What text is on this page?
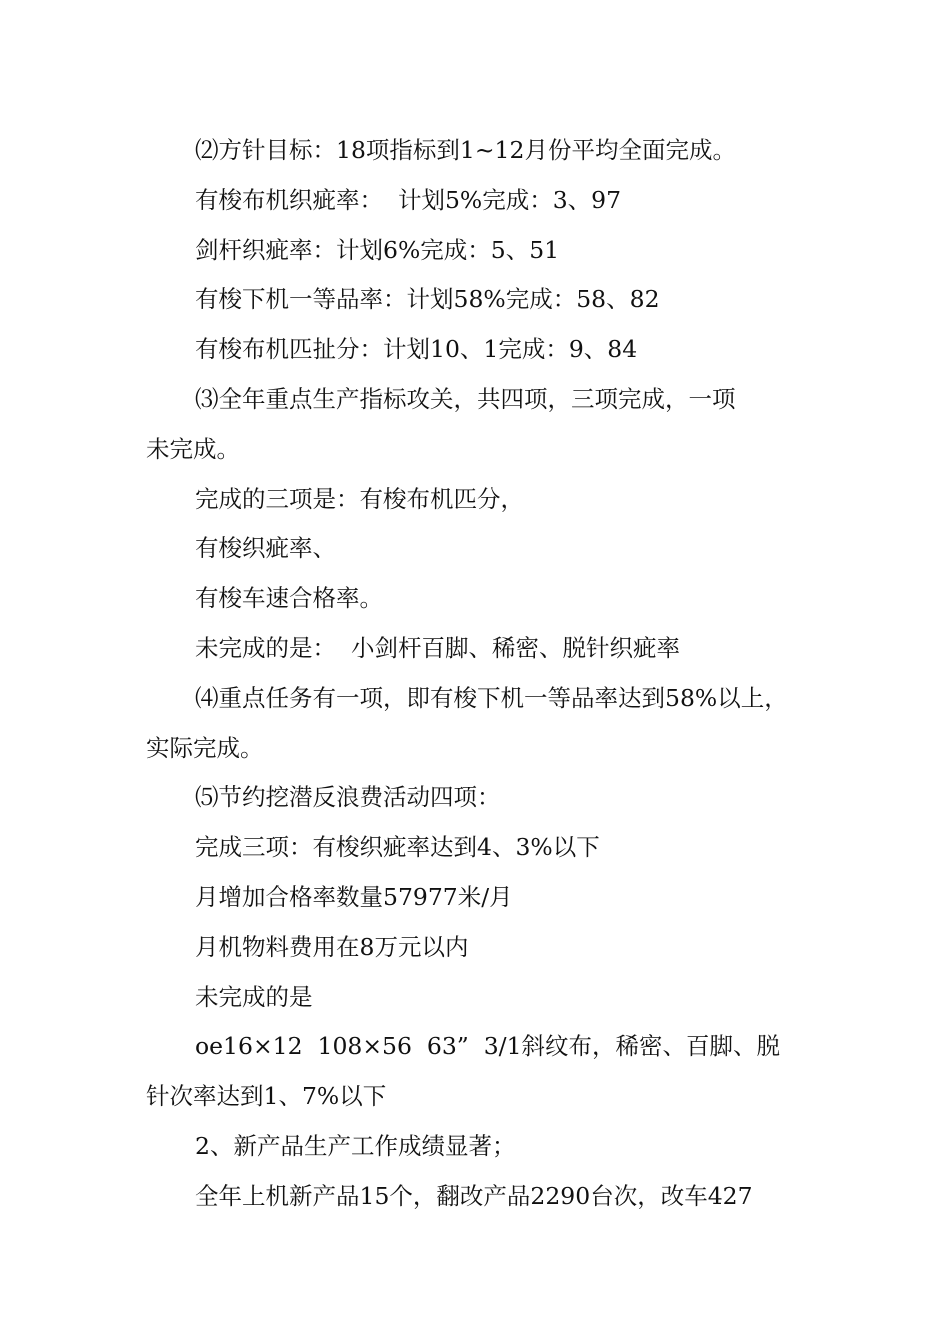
⑵方针目标：18项指标到1~12月份平均全面完成。
有梭布机织疵率：  计划5%完成：3、97
剑杆织疵率：计划6%完成：5、51
有梭下机一等品率：计划58%完成：58、82
有梭布机匹扯分：计划10、1完成：9、84
⑶全年重点生产指标攻关，共四项，三项完成，一项
未完成。
完成的三项是：有梭布机匹分，
有梭织疵率、
有梭车速合格率。
未完成的是：  小剑杆百脚、稀密、脱针织疵率
⑷重点任务有一项，即有梭下机一等品率达到58%以上，
实际完成。
⑸节约挖潜反浪费活动四项：
完成三项：有梭织疵率达到4、3%以下
月增加合格率数量57977米/月
月机物料费用在8万元以内
未完成的是
oe16×12  108×56  63”  3/1斜纹布，稀密、百脚、脱
针次率达到1、7%以下
2、新产品生产工作成绩显著；
全年上机新产品15个，翻改产品2290台次，改车427
